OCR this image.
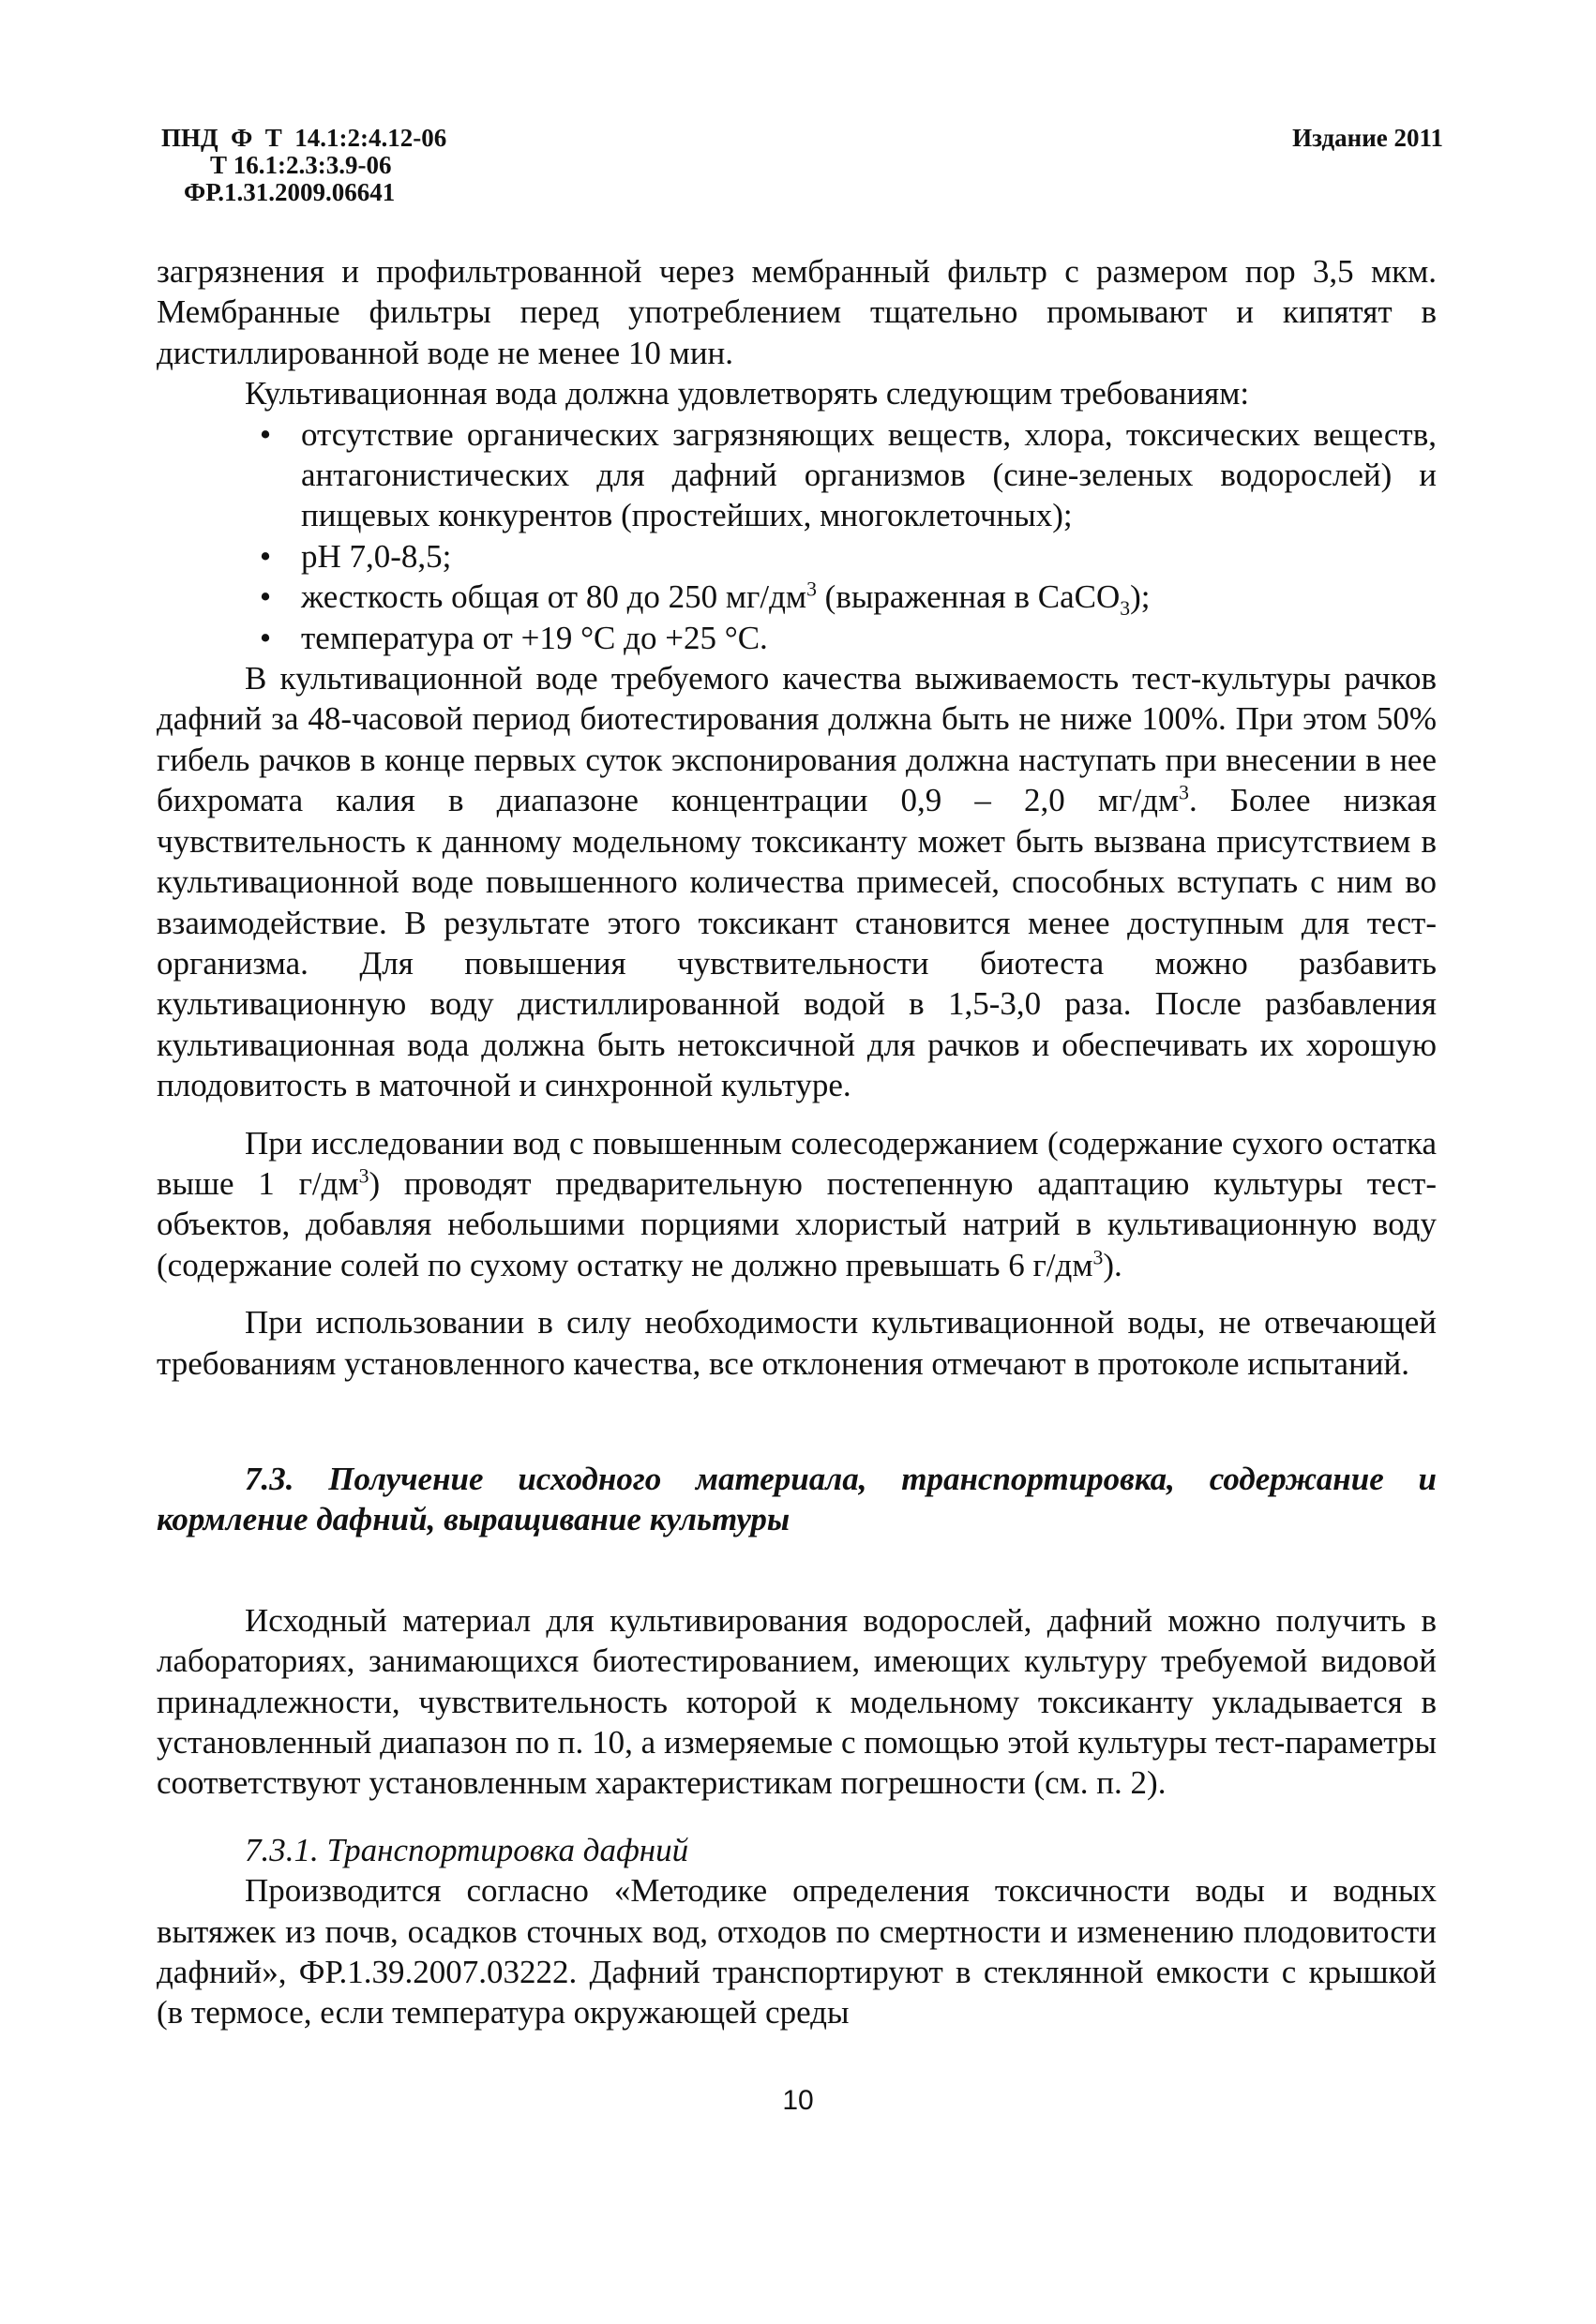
ПНД  Ф  Т  14.1:2:4.12-06
Т 16.1:2.3:3.9-06
ФР.1.31.2009.06641
Издание 2011

загрязнения и профильтрованной через мембранный фильтр с размером пор 3,5 мкм. Мембранные фильтры перед употреблением тщательно промывают и кипятят в дистиллированной воде не менее 10 мин.

Культивационная вода должна удовлетворять следующим требованиям:

• отсутствие органических загрязняющих веществ, хлора, токсических веществ, антагонистических для дафний организмов (сине-зеленых водорослей) и пищевых конкурентов (простейших, многоклеточных);
• рН 7,0-8,5;
• жесткость общая от 80 до 250 $мг/дм^3$ (выраженная в СаСО$_3$);
• температура от +19 °С до +25 °С.

В культивационной воде требуемого качества выживаемость тест-культуры рачков дафний за 48-часовой период биотестирования должна быть не ниже 100%. При этом 50% гибель рачков в конце первых суток экспонирования должна наступать при внесении в нее бихромата калия в диапазоне концентрации 0,9 – 2,0 $мг/дм^3$. Более низкая чувствительность к данному модельному токсиканту может быть вызвана присутствием в культивационной воде повышенного количества примесей, способных вступать с ним во взаимодействие. В результате этого токсикант становится менее доступным для тест-организма. Для повышения чувствительности биотеста можно разбавить культивационную воду дистиллированной водой в 1,5-3,0 раза. После разбавления культивационная вода должна быть нетоксичной для рачков и обеспечивать их хорошую плодовитость в маточной и синхронной культуре.

При исследовании вод с повышенным солесодержанием (содержание сухого остатка выше 1 $г/дм^3$) проводят предварительную постепенную адаптацию культуры тест-объектов, добавляя небольшими порциями хлористый натрий в культивационную воду (содержание солей по сухому остатку не должно превышать 6 $г/дм^3$).

При использовании в силу необходимости культивационной воды, не отвечающей требованиям установленного качества, все отклонения отмечают в протоколе испытаний.

7.3. Получение исходного материала, транспортировка, содержание и кормление дафний, выращивание культуры

Исходный материал для культивирования водорослей, дафний можно получить в лабораториях, занимающихся биотестированием, имеющих культуру требуемой видовой принадлежности, чувствительность которой к модельному токсиканту укладывается в установленный диапазон по п. 10, а измеряемые с помощью этой культуры тест-параметры соответствуют установленным характеристикам погрешности (см. п. 2).

7.3.1. Транспортировка дафний

Производится согласно «Методике определения токсичности воды и водных вытяжек из почв, осадков сточных вод, отходов по смертности и изменению плодовитости дафний», ФР.1.39.2007.03222. Дафний транспортируют в стеклянной емкости с крышкой (в термосе, если температура окружающей среды

10
